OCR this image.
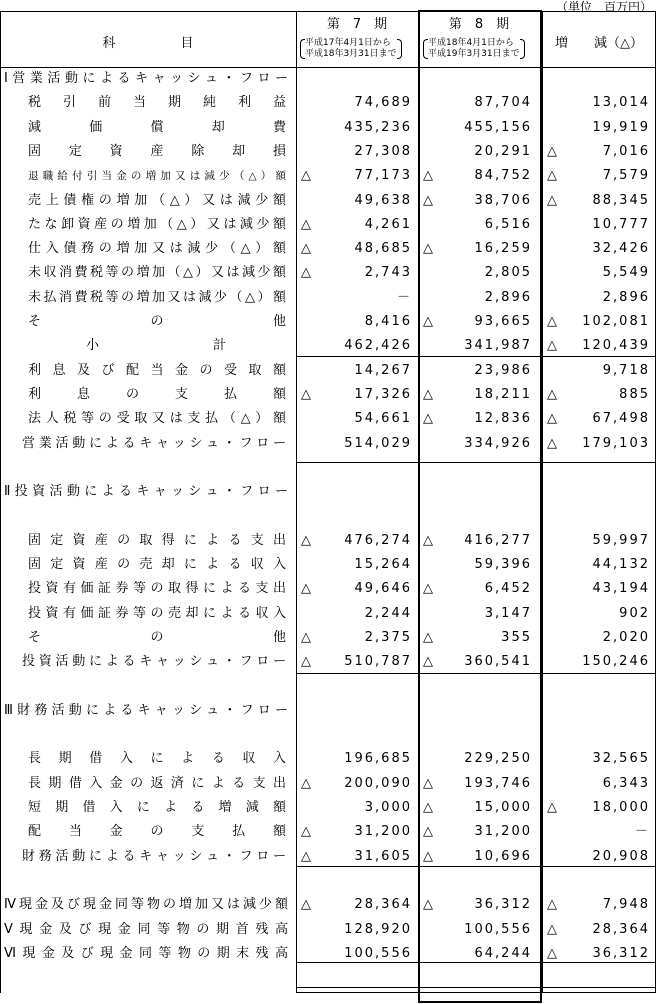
（単位　百万円）
科　　　　　目
第　7　期
平成17年4月1日から
平成18年3月31日まで
第　8　期
平成18年4月1日から
平成19年3月31日まで
増　　減（△）
Ⅰ営業活動によるキャッシュ・フロー
税引前当期純利益	74,689	87,704	13,014
減価償却費	435,236	455,156	19,919
固定資産除却損	27,308	20,291 △	7,016
退職給付引当金の増加又は減少（△）額 △	77,173 △	84,752 △	7,579
売上債権の増加（△）又は減少額	49,638 △	38,706 △	88,345
たな卸資産の増加（△）又は減少額 △	4,261	6,516	10,777
仕入債務の増加又は減少（△）額 △	48,685 △	16,259	32,426
未収消費税等の増加（△）又は減少額 △	2,743	2,805	5,549
未払消費税等の増加又は減少（△）額	－	2,896	2,896
そ　の　他	8,416 △	93,665 △ 102,081
小　計	462,426	341,987 △ 120,439
利息及び配当金の受取額	14,267	23,986	9,718
利息の支払額 △	17,326 △	18,211 △	885
法人税等の受取又は支払（△）額	54,661 △	12,836 △	67,498
営業活動によるキャッシュ・フロー	514,029	334,926 △ 179,103
Ⅱ投資活動によるキャッシュ・フロー
固定資産の取得による支出 △	476,274 △ 416,277	59,997
固定資産の売却による収入	15,264	59,396	44,132
投資有価証券等の取得による支出 △	49,646 △	6,452	43,194
投資有価証券等の売却による収入	2,244	3,147	902
そ　の　他 △	2,375 △	355	2,020
投資活動によるキャッシュ・フロー △	510,787 △ 360,541	150,246
Ⅲ財務活動によるキャッシュ・フロー
長期借入による収入	196,685	229,250	32,565
長期借入金の返済による支出 △	200,090 △ 193,746	6,343
短期借入による増減額	3,000 △	15,000 △	18,000
配当金の支払額 △	31,200 △	31,200	－
財務活動によるキャッシュ・フロー △	31,605 △	10,696	20,908
Ⅳ現金及び現金同等物の増加又は減少額 △	28,364 △	36,312 △	7,948
Ⅴ現金及び現金同等物の期首残高	128,920	100,556 △	28,364
Ⅵ現金及び現金同等物の期末残高	100,556	64,244 △	36,312
